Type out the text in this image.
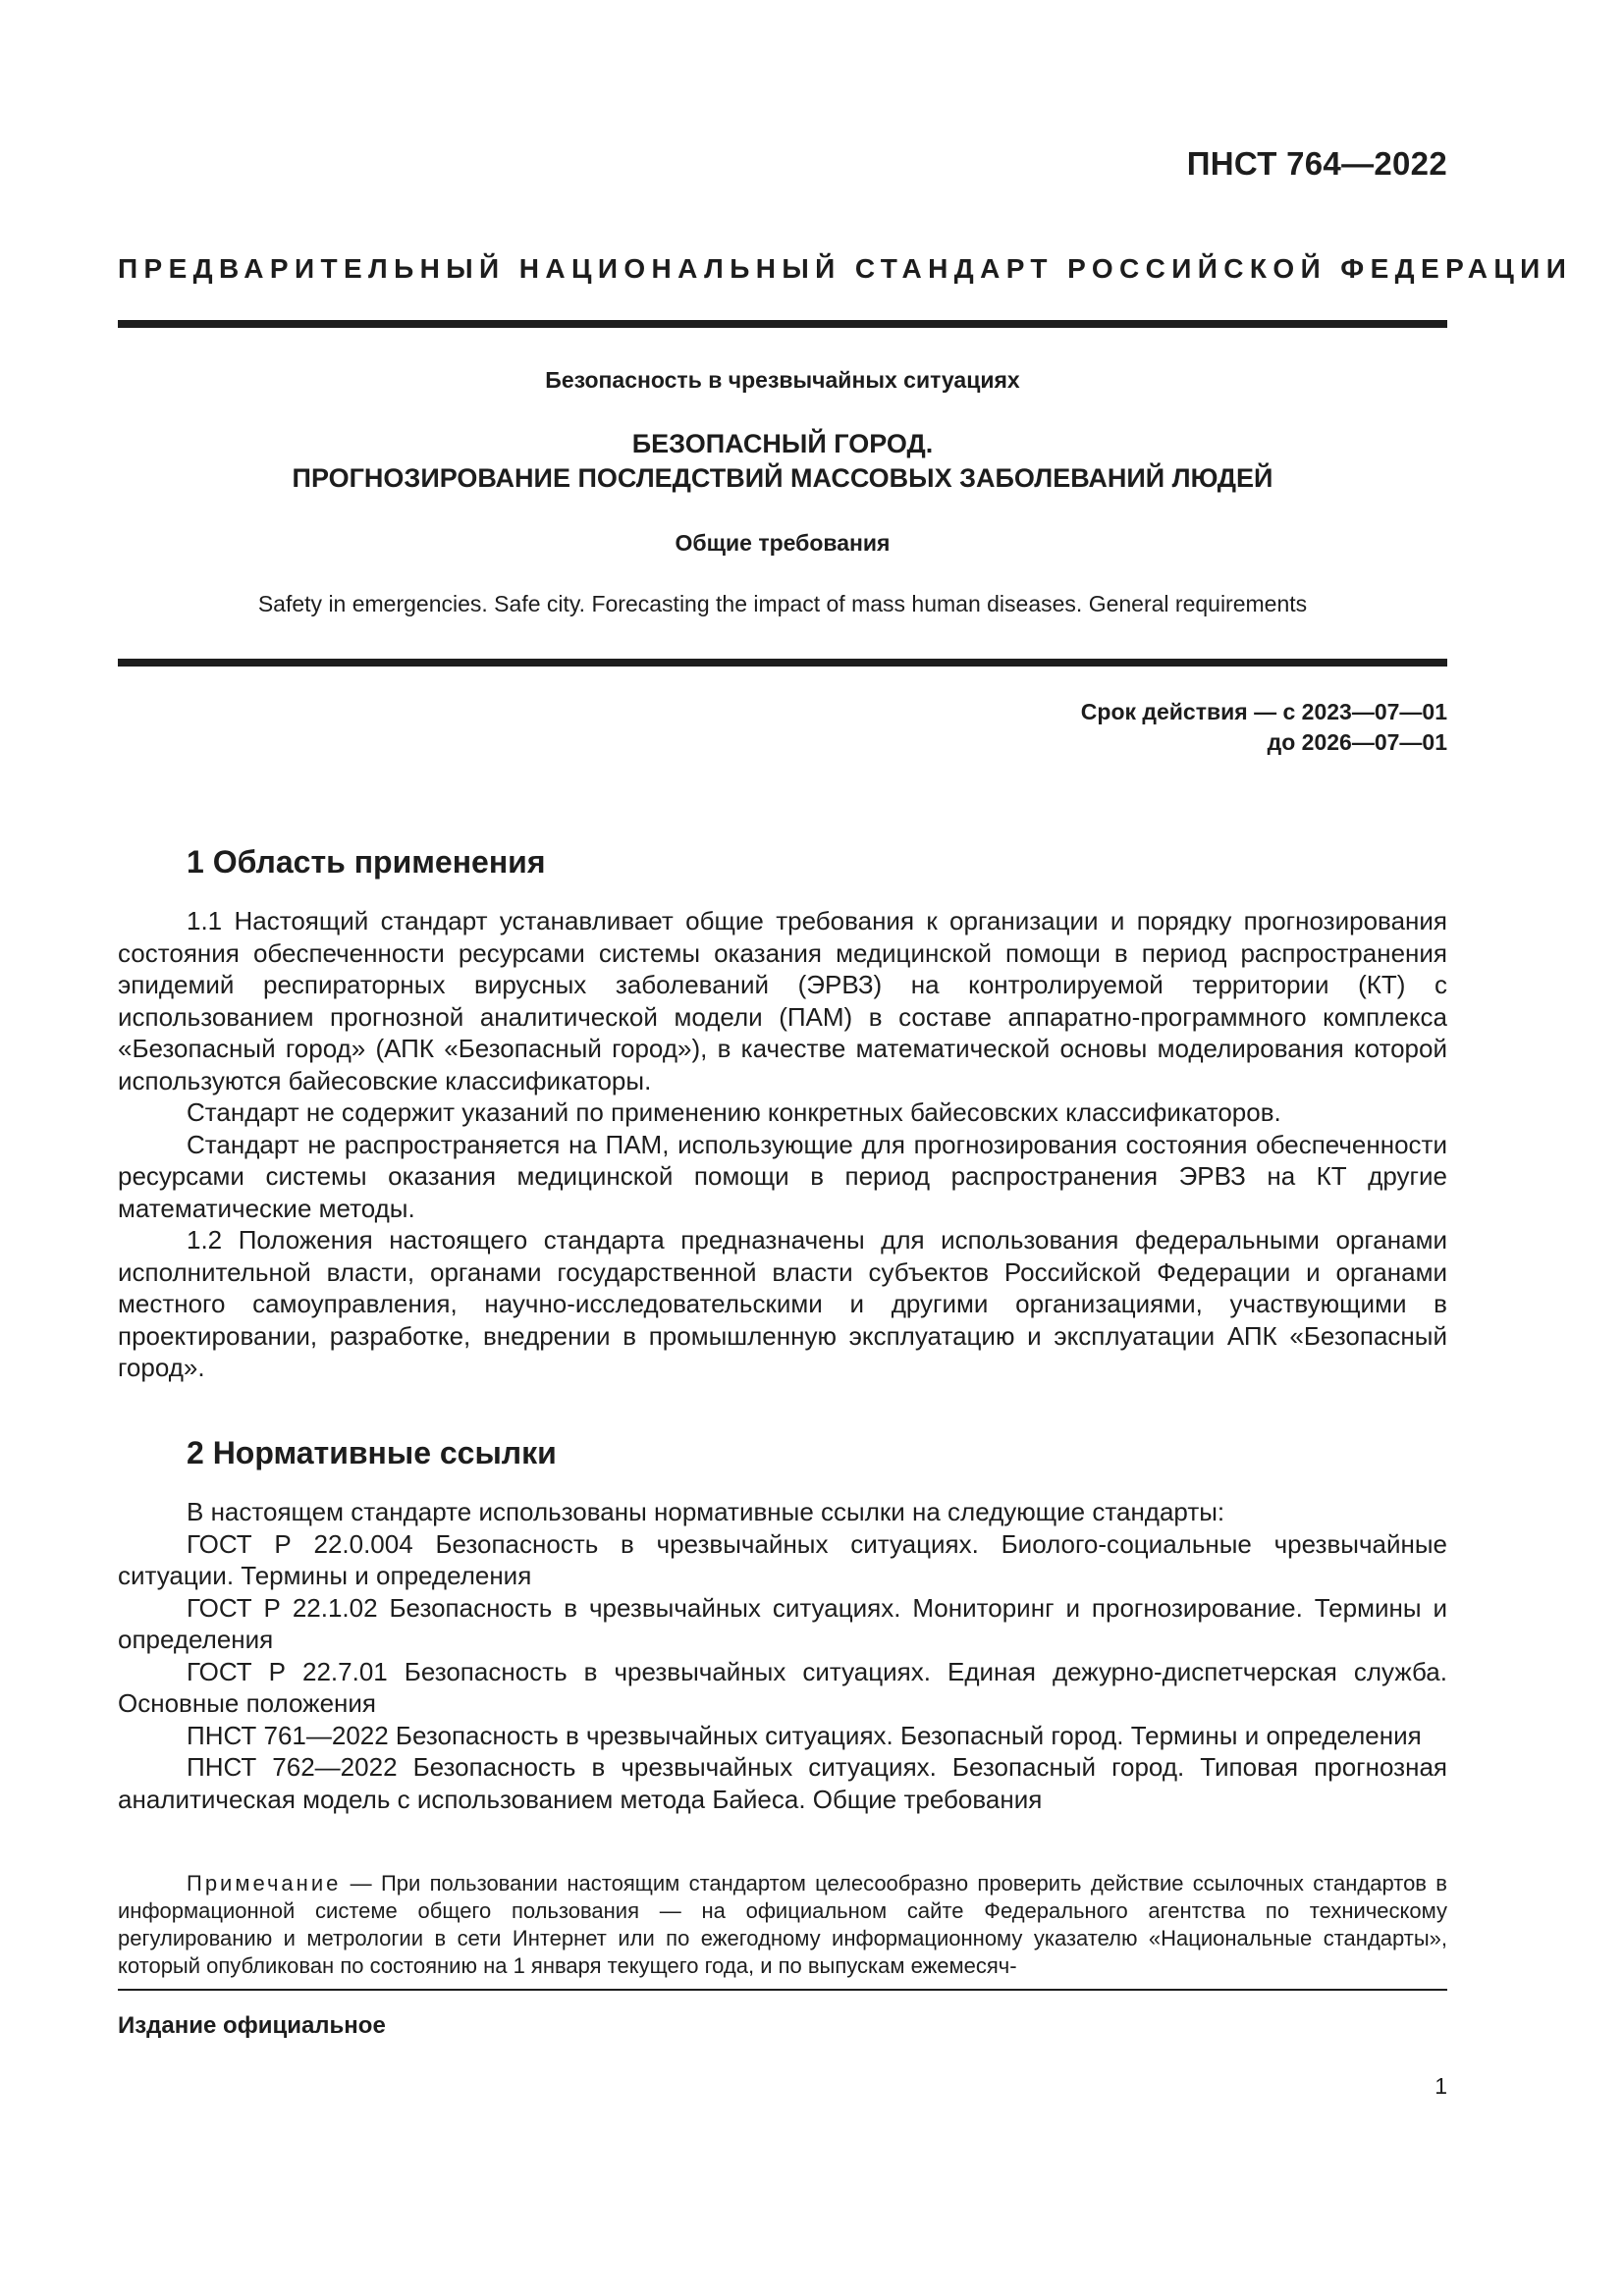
ПНСТ 764—2022
ПРЕДВАРИТЕЛЬНЫЙ НАЦИОНАЛЬНЫЙ СТАНДАРТ РОССИЙСКОЙ ФЕДЕРАЦИИ
Безопасность в чрезвычайных ситуациях
БЕЗОПАСНЫЙ ГОРОД.
ПРОГНОЗИРОВАНИЕ ПОСЛЕДСТВИЙ МАССОВЫХ ЗАБОЛЕВАНИЙ ЛЮДЕЙ
Общие требования
Safety in emergencies. Safe city. Forecasting the impact of mass human diseases. General requirements
Срок действия — с 2023—07—01
до 2026—07—01
1 Область применения

1.1 Настоящий стандарт устанавливает общие требования к организации и порядку прогнозирования состояния обеспеченности ресурсами системы оказания медицинской помощи в период распространения эпидемий респираторных вирусных заболеваний (ЭРВЗ) на контролируемой территории (КТ) с использованием прогнозной аналитической модели (ПАМ) в составе аппаратно-программного комплекса «Безопасный город» (АПК «Безопасный город»), в качестве математической основы моделирования которой используются байесовские классификаторы.

Стандарт не содержит указаний по применению конкретных байесовских классификаторов.

Стандарт не распространяется на ПАМ, использующие для прогнозирования состояния обеспеченности ресурсами системы оказания медицинской помощи в период распространения ЭРВЗ на КТ другие математические методы.

1.2 Положения настоящего стандарта предназначены для использования федеральными органами исполнительной власти, органами государственной власти субъектов Российской Федерации и органами местного самоуправления, научно-исследовательскими и другими организациями, участвующими в проектировании, разработке, внедрении в промышленную эксплуатацию и эксплуатации АПК «Безопасный город».

2 Нормативные ссылки

В настоящем стандарте использованы нормативные ссылки на следующие стандарты:

ГОСТ Р 22.0.004 Безопасность в чрезвычайных ситуациях. Биолого-социальные чрезвычайные ситуации. Термины и определения

ГОСТ Р 22.1.02 Безопасность в чрезвычайных ситуациях. Мониторинг и прогнозирование. Термины и определения

ГОСТ Р 22.7.01 Безопасность в чрезвычайных ситуациях. Единая дежурно-диспетчерская служба. Основные положения

ПНСТ 761—2022 Безопасность в чрезвычайных ситуациях. Безопасный город. Термины и определения

ПНСТ 762—2022 Безопасность в чрезвычайных ситуациях. Безопасный город. Типовая прогнозная аналитическая модель с использованием метода Байеса. Общие требования

Примечание — При пользовании настоящим стандартом целесообразно проверить действие ссылочных стандартов в информационной системе общего пользования — на официальном сайте Федерального агентства по техническому регулированию и метрологии в сети Интернет или по ежегодному информационному указателю «Национальные стандарты», который опубликован по состоянию на 1 января текущего года, и по выпускам ежемесяч-
Издание официальное
1
